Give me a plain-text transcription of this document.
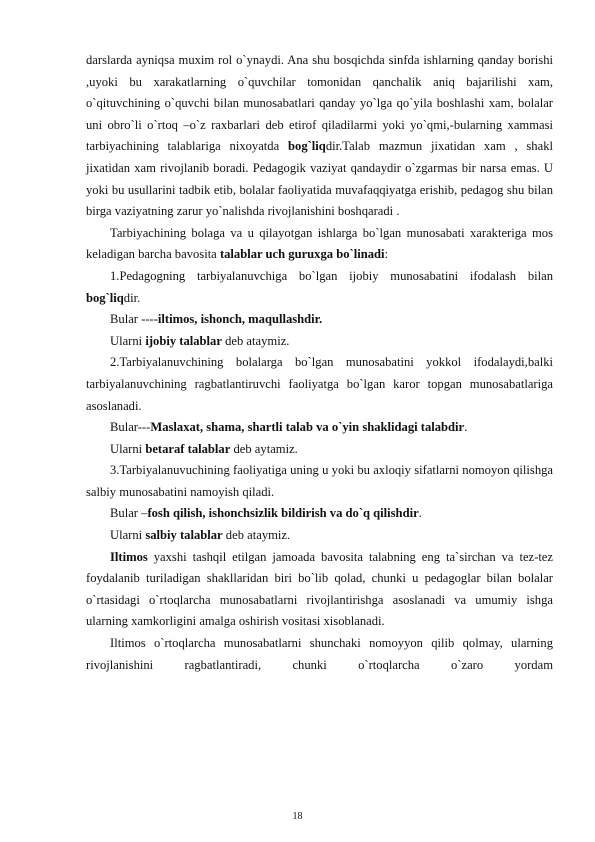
darslarda ayniqsa muxim rol o`ynaydi. Ana shu bosqichda sinfda ishlarning qanday borishi ,uyoki bu xarakatlarning o`quvchilar tomonidan qanchalik aniq bajarilishi xam, o`qituvchining o`quvchi bilan munosabatlari qanday yo`lga qo`yila boshlashi xam, bolalar uni obro`li o`rtoq –o`z raxbarlari deb etirof qiladilarmi yoki yo`qmi,-bularning xammasi tarbiyachining talablariga nixoyatda bog`liqdir.Talab mazmun jixatidan xam , shakl jixatidan xam rivojlanib boradi. Pedagogik vaziyat qandaydir o`zgarmas bir narsa emas. U yoki bu usullarini tadbik etib, bolalar faoliyatida muvafaqqiyatga erishib, pedagog shu bilan birga vaziyatning zarur yo`nalishda rivojlanishini boshqaradi .

Tarbiyachining bolaga va u qilayotgan ishlarga bo`lgan munosabati xarakteriga mos keladigan barcha bavosita talablar uch guruxga bo`linadi:

1.Pedagogning tarbiyalanuvchiga bo`lgan ijobiy munosabatini ifodalash bilan bog`liqdir.

Bular ----iltimos, ishonch, maqullashdir.

Ularni ijobiy talablar deb ataymiz.

2.Tarbiyalanuvchining bolalarga bo`lgan munosabatini yokkol ifodalaydi,balki tarbiyalanuvchining ragbatlantiruvchi faoliyatga bo`lgan karor topgan munosabatlariga asoslanadi.

Bular---Maslaxat, shama, shartli talab va o`yin shaklidagi talabdir.

Ularni betaraf talablar deb aytamiz.

3.Tarbiyalanuvuchining faoliyatiga uning u yoki bu axloqiy sifatlarni nomoyon qilishga salbiy munosabatini namoyish qiladi.

Bular –fosh qilish, ishonchsizlik bildirish va do`q qilishdir.

Ularni salbiy talablar deb ataymiz.

Iltimos yaxshi tashqil etilgan jamoada bavosita talabning eng ta`sirchan va tez-tez foydalanib turiladigan shakllaridan biri bo`lib qolad, chunki u pedagoglar bilan bolalar o`rtasidagi o`rtoqlarcha munosabatlarni rivojlantirishga asoslanadi va umumiy ishga ularning xamkorligini amalga oshirish vositasi xisoblanadi.

Iltimos o`rtoqlarcha munosabatlarni shunchaki nomoyyon qilib qolmay, ularning rivojlanishini ragbatlantiradi, chunki o`rtoqlarcha o`zaro yordam

18
